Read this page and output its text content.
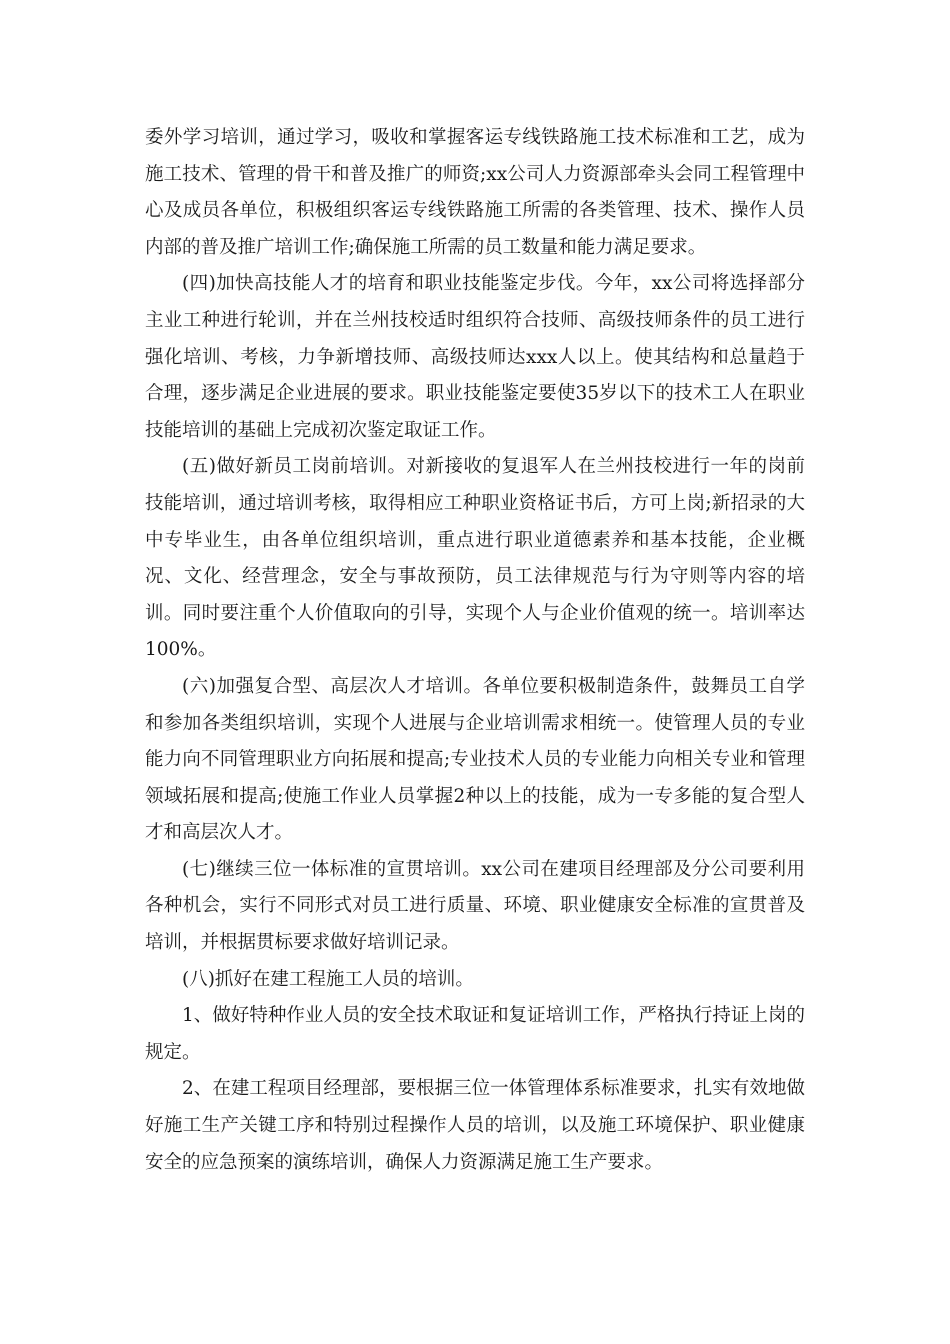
委外学习培训，通过学习，吸收和掌握客运专线铁路施工技术标准和工艺，成为施工技术、管理的骨干和普及推广的师资;xx公司人力资源部牵头会同工程管理中心及成员各单位，积极组织客运专线铁路施工所需的各类管理、技术、操作人员内部的普及推广培训工作;确保施工所需的员工数量和能力满足要求。

(四)加快高技能人才的培育和职业技能鉴定步伐。今年，xx公司将选择部分主业工种进行轮训，并在兰州技校适时组织符合技师、高级技师条件的员工进行强化培训、考核，力争新增技师、高级技师达xxx人以上。使其结构和总量趋于合理，逐步满足企业进展的要求。职业技能鉴定要使35岁以下的技术工人在职业技能培训的基础上完成初次鉴定取证工作。

(五)做好新员工岗前培训。对新接收的复退军人在兰州技校进行一年的岗前技能培训，通过培训考核，取得相应工种职业资格证书后，方可上岗;新招录的大中专毕业生，由各单位组织培训，重点进行职业道德素养和基本技能，企业概况、文化、经营理念，安全与事故预防，员工法律规范与行为守则等内容的培训。同时要注重个人价值取向的引导，实现个人与企业价值观的统一。培训率达100%。

(六)加强复合型、高层次人才培训。各单位要积极制造条件，鼓舞员工自学和参加各类组织培训，实现个人进展与企业培训需求相统一。使管理人员的专业能力向不同管理职业方向拓展和提高;专业技术人员的专业能力向相关专业和管理领域拓展和提高;使施工作业人员掌握2种以上的技能，成为一专多能的复合型人才和高层次人才。

(七)继续三位一体标准的宣贯培训。xx公司在建项目经理部及分公司要利用各种机会，实行不同形式对员工进行质量、环境、职业健康安全标准的宣贯普及培训，并根据贯标要求做好培训记录。

(八)抓好在建工程施工人员的培训。

1、做好特种作业人员的安全技术取证和复证培训工作，严格执行持证上岗的规定。

2、在建工程项目经理部，要根据三位一体管理体系标准要求，扎实有效地做好施工生产关键工序和特别过程操作人员的培训，以及施工环境保护、职业健康安全的应急预案的演练培训，确保人力资源满足施工生产要求。
